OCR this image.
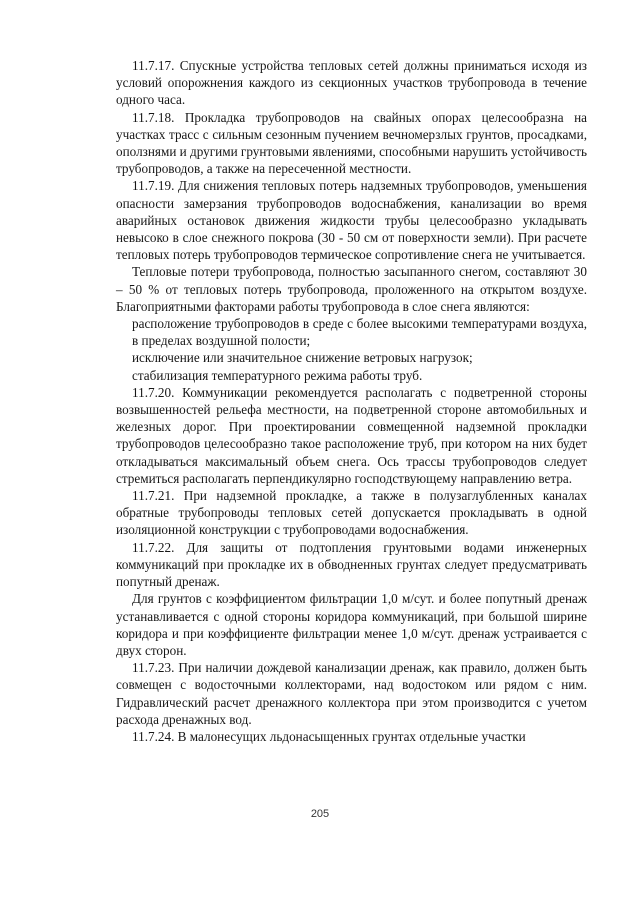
11.7.17. Спускные устройства тепловых сетей должны приниматься исходя из условий опорожнения каждого из секционных участков трубопровода в течение одного часа.

11.7.18. Прокладка трубопроводов на свайных опорах целесообразна на участках трасс с сильным сезонным пучением вечномерзлых грунтов, просадками, оползнями и другими грунтовыми явлениями, способными нарушить устойчивость трубопроводов, а также на пересеченной местности.

11.7.19. Для снижения тепловых потерь надземных трубопроводов, уменьшения опасности замерзания трубопроводов водоснабжения, канализации во время аварийных остановок движения жидкости трубы целесообразно укладывать невысоко в слое снежного покрова (30 - 50 см от поверхности земли). При расчете тепловых потерь трубопроводов термическое сопротивление снега не учитывается.

Тепловые потери трубопровода, полностью засыпанного снегом, составляют 30 – 50 % от тепловых потерь трубопровода, проложенного на открытом воздухе. Благоприятными факторами работы трубопровода в слое снега являются:

расположение трубопроводов в среде с более высокими температурами воздуха, в пределах воздушной полости;

исключение или значительное снижение ветровых нагрузок;

стабилизация температурного режима работы труб.

11.7.20. Коммуникации рекомендуется располагать с подветренной стороны возвышенностей рельефа местности, на подветренной стороне автомобильных и железных дорог. При проектировании совмещенной надземной прокладки трубопроводов целесообразно такое расположение труб, при котором на них будет откладываться максимальный объем снега. Ось трассы трубопроводов следует стремиться располагать перпендикулярно господствующему направлению ветра.

11.7.21. При надземной прокладке, а также в полузаглубленных каналах обратные трубопроводы тепловых сетей допускается прокладывать в одной изоляционной конструкции с трубопроводами водоснабжения.

11.7.22. Для защиты от подтопления грунтовыми водами инженерных коммуникаций при прокладке их в обводненных грунтах следует предусматривать попутный дренаж.

Для грунтов с коэффициентом фильтрации 1,0 м/сут. и более попутный дренаж устанавливается с одной стороны коридора коммуникаций, при большой ширине коридора и при коэффициенте фильтрации менее 1,0 м/сут. дренаж устраивается с двух сторон.

11.7.23. При наличии дождевой канализации дренаж, как правило, должен быть совмещен с водосточными коллекторами, над водостоком или рядом с ним. Гидравлический расчет дренажного коллектора при этом производится с учетом расхода дренажных вод.

11.7.24. В малонесущих льдонасыщенных грунтах отдельные участки

205
